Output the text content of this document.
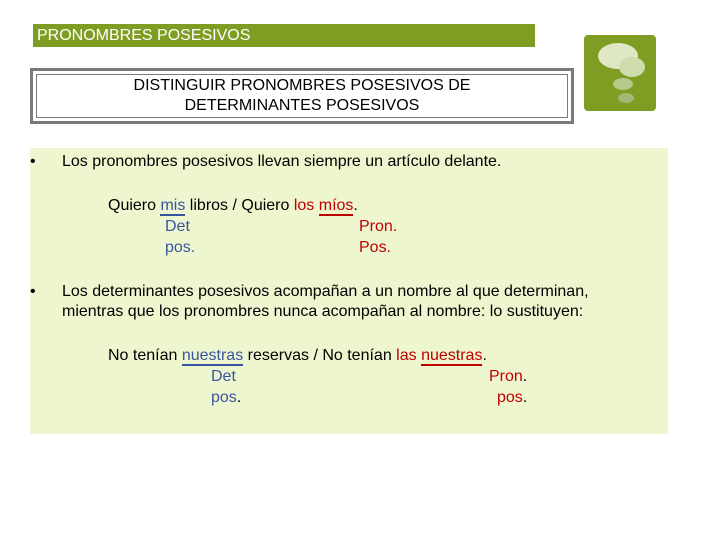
PRONOMBRES POSESIVOS
DISTINGUIR PRONOMBRES POSESIVOS DE
DETERMINANTES POSESIVOS
•	Los pronombres posesivos llevan siempre un artículo delante.
Quiero mis libros / Quiero los míos.
Det
pos.
Pron.
Pos.
•	Los determinantes posesivos acompañan a un nombre al que determinan,
mientras que los pronombres nunca acompañan al nombre: lo sustituyen:
No tenían nuestras reservas / No tenían las nuestras.
Det
pos.
Pron.
pos.
